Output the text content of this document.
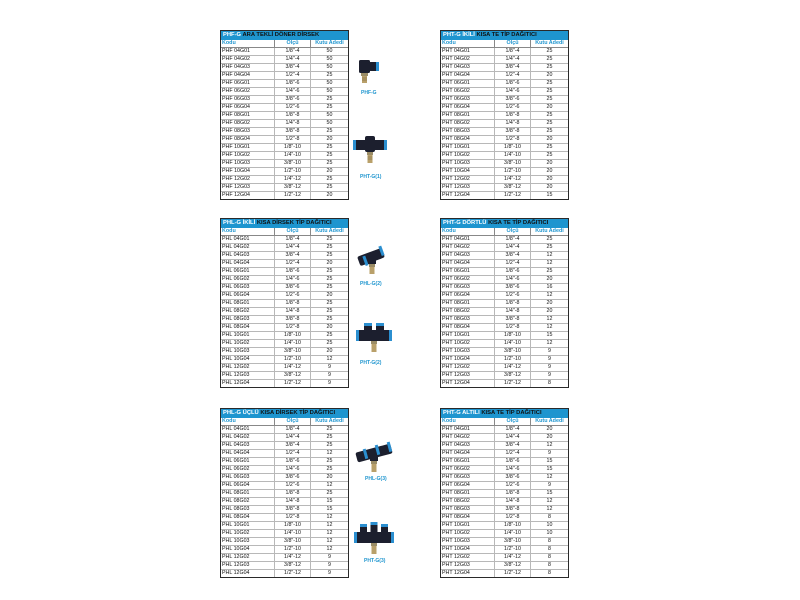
PHF-G ARA TEKLİ DÖNER DİRSEK
Kodu	Ölçü	Kutu Adedi
PHF 04G01	1/8"-4	50
PHF 04G02	1/4"-4	50
PHF 04G03	3/8"-4	50
PHF 04G04	1/2"-4	25
PHF 06G01	1/8"-6	50
PHF 06G02	1/4"-6	50
PHF 06G03	3/8"-6	25
PHF 06G04	1/2"-6	25
PHF 08G01	1/8"-8	50
PHF 08G02	1/4"-8	50
PHF 08G03	3/8"-8	25
PHF 08G04	1/2"-8	20
PHF 10G01	1/8"-10	25
PHF 10G02	1/4"-10	25
PHF 10G03	3/8"-10	25
PHF 10G04	1/2"-10	20
PHF 12G02	1/4"-12	25
PHF 12G03	3/8"-12	25
PHF 12G04	1/2"-12	20
PHT-G İKİLİ KISA TE TİP DAĞITICI
Kodu	Ölçü	Kutu Adedi
PHT 04G01	1/8"-4	25
PHT 04G02	1/4"-4	25
PHT 04G03	3/8"-4	25
PHT 04G04	1/2"-4	20
PHT 06G01	1/8"-6	25
PHT 06G02	1/4"-6	25
PHT 06G03	3/8"-6	25
PHT 06G04	1/2"-6	20
PHT 08G01	1/8"-8	25
PHT 08G02	1/4"-8	25
PHT 08G03	3/8"-8	25
PHT 08G04	1/2"-8	20
PHT 10G01	1/8"-10	25
PHT 10G02	1/4"-10	25
PHT 10G03	3/8"-10	20
PHT 10G04	1/2"-10	20
PHT 12G02	1/4"-12	20
PHT 12G03	3/8"-12	20
PHT 12G04	1/2"-12	15
PHL-G İKİLİ KISA DİRSEK TİP DAĞITICI
Kodu	Ölçü	Kutu Adedi
PHL 04G01	1/8"-4	25
PHL 04G02	1/4"-4	25
PHL 04G03	3/8"-4	25
PHL 04G04	1/2"-4	20
PHL 06G01	1/8"-6	25
PHL 06G02	1/4"-6	25
PHL 06G03	3/8"-6	25
PHL 06G04	1/2"-6	20
PHL 08G01	1/8"-8	25
PHL 08G02	1/4"-8	25
PHL 08G03	3/8"-8	25
PHL 08G04	1/2"-8	20
PHL 10G01	1/8"-10	25
PHL 10G02	1/4"-10	25
PHL 10G03	3/8"-10	20
PHL 10G04	1/2"-10	12
PHL 12G02	1/4"-12	9
PHL 12G03	3/8"-12	9
PHL 12G04	1/2"-12	9
PHT-G DÖRTLÜ KISA TE TİP DAĞITICI
Kodu	Ölçü	Kutu Adedi
PHT 04G01	1/8"-4	25
PHT 04G02	1/4"-4	25
PHT 04G03	3/8"-4	12
PHT 04G04	1/2"-4	12
PHT 06G01	1/8"-6	25
PHT 06G02	1/4"-6	20
PHT 06G03	3/8"-6	16
PHT 06G04	1/2"-6	12
PHT 08G01	1/8"-8	20
PHT 08G02	1/4"-8	20
PHT 08G03	3/8"-8	12
PHT 08G04	1/2"-8	12
PHT 10G01	1/8"-10	15
PHT 10G02	1/4"-10	12
PHT 10G03	3/8"-10	9
PHT 10G04	1/2"-10	9
PHT 12G02	1/4"-12	9
PHT 12G03	3/8"-12	9
PHT 12G04	1/2"-12	8
PHL-G ÜÇLÜ KISA DİRSEK TİP DAĞITICI
Kodu	Ölçü	Kutu Adedi
PHL 04G01	1/8"-4	25
PHL 04G02	1/4"-4	25
PHL 04G03	3/8"-4	25
PHL 04G04	1/2"-4	12
PHL 06G01	1/8"-6	25
PHL 06G02	1/4"-6	25
PHL 06G03	3/8"-6	20
PHL 06G04	1/2"-6	12
PHL 08G01	1/8"-8	25
PHL 08G02	1/4"-8	15
PHL 08G03	3/8"-8	15
PHL 08G04	1/2"-8	12
PHL 10G01	1/8"-10	12
PHL 10G02	1/4"-10	12
PHL 10G03	3/8"-10	12
PHL 10G04	1/2"-10	12
PHL 12G02	1/4"-12	9
PHL 12G03	3/8"-12	9
PHL 12G04	1/2"-12	9
PHT-G ALTILI KISA TE TİP DAĞITICI
Kodu	Ölçü	Kutu Adedi
PHT 04G01	1/8"-4	20
PHT 04G02	1/4"-4	20
PHT 04G03	3/8"-4	12
PHT 04G04	1/2"-4	9
PHT 06G01	1/8"-6	15
PHT 06G02	1/4"-6	15
PHT 06G03	3/8"-6	12
PHT 06G04	1/2"-6	9
PHT 08G01	1/8"-8	15
PHT 08G02	1/4"-8	12
PHT 08G03	3/8"-8	12
PHT 08G04	1/2"-8	8
PHT 10G01	1/8"-10	10
PHT 10G02	1/4"-10	10
PHT 10G03	3/8"-10	8
PHT 10G04	1/2"-10	8
PHT 12G02	1/4"-12	8
PHT 12G03	3/8"-12	8
PHT 12G04	1/2"-12	8
PHF-G
PHT-G(1)
PHL-G(2)
PHT-G(2)
PHL-G(3)
PHT-G(3)
